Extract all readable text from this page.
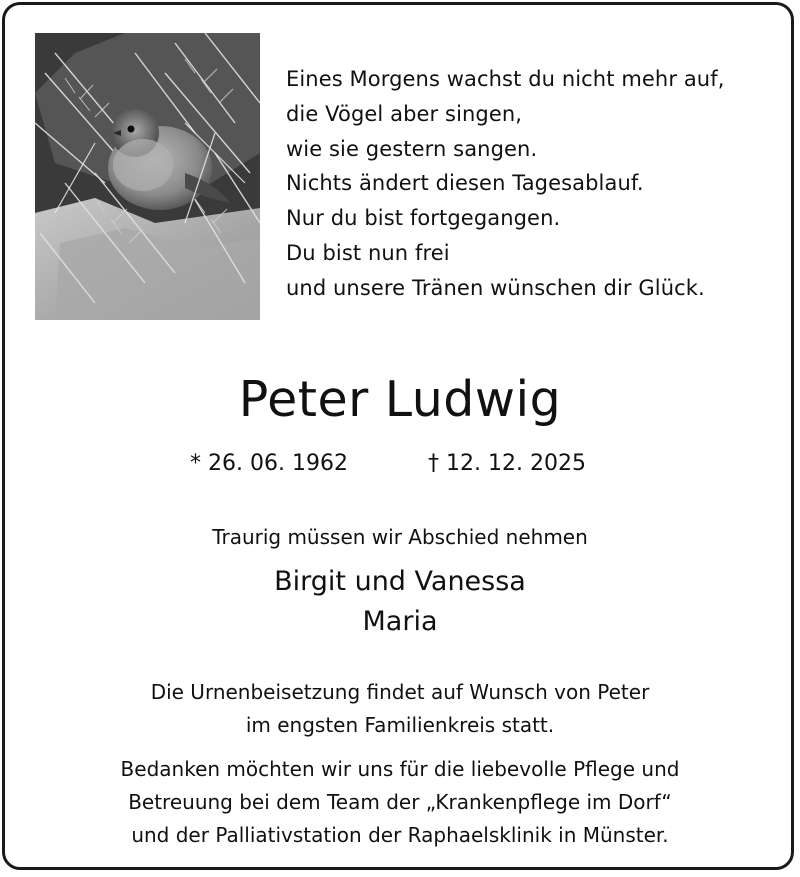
Eines Morgens wachst du nicht mehr auf,
die Vögel aber singen,
wie sie gestern sangen.
Nichts ändert diesen Tagesablauf.
Nur du bist fortgegangen.
Du bist nun frei
und unsere Tränen wünschen dir Glück.
Peter Ludwig
* 26. 06. 1962	† 12. 12. 2025
Traurig müssen wir Abschied nehmen
Birgit und Vanessa
Maria
Die Urnenbeisetzung findet auf Wunsch von Peter
im engsten Familienkreis statt.
Bedanken möchten wir uns für die liebevolle Pflege und
Betreuung bei dem Team der „Krankenpflege im Dorf“
und der Palliativstation der Raphaelsklinik in Münster.
